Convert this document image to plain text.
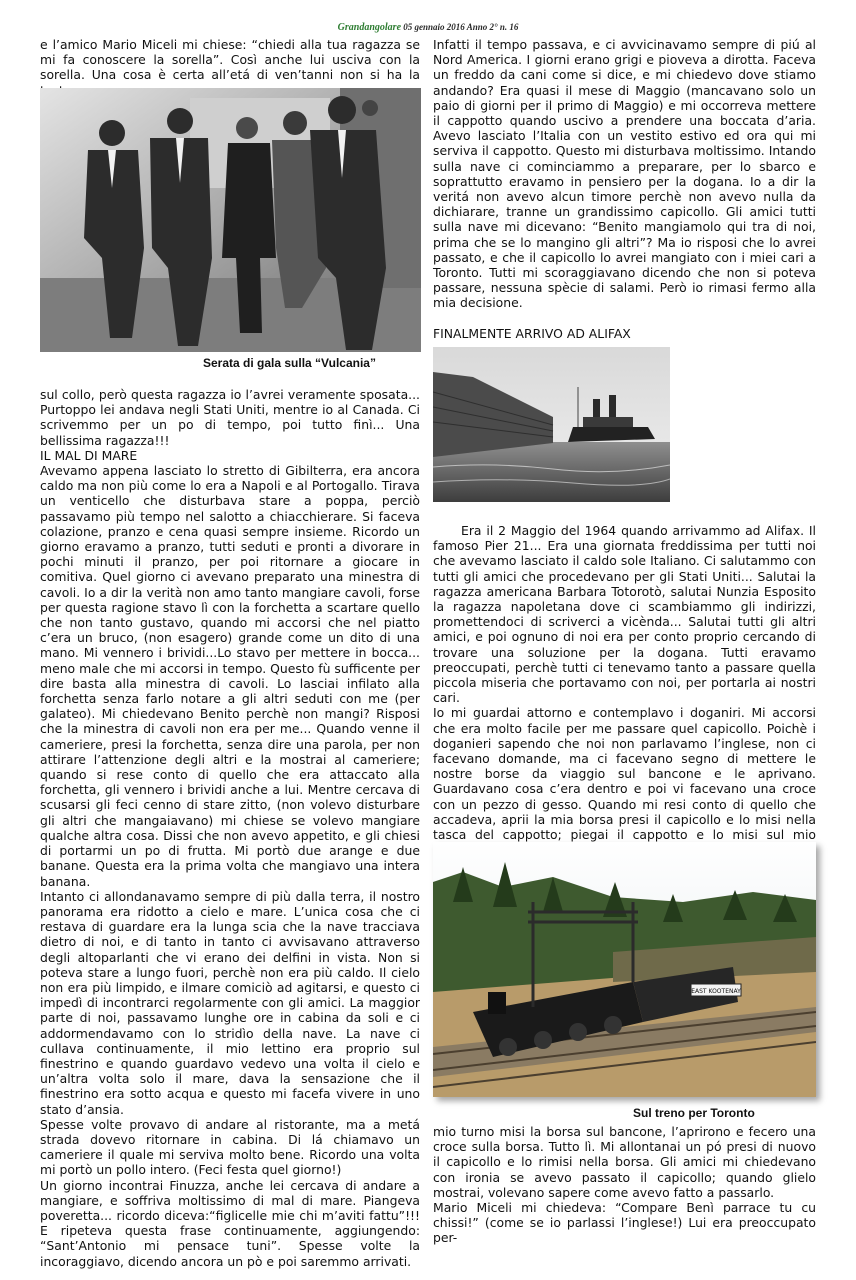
Grandangolare 05 gennaio 2016 Anno 2° n. 16

e l’amico Mario Miceli mi chiese: “chiedi alla tua ragazza se mi fa conoscere la sorella”. Così anche lui usciva con la sorella. Una cosa è certa all’etá di ven’tanni non si ha la

Serata di gala sulla “Vulcania”

sul collo, però questa ragazza io l’avrei veramente sposata... Purtoppo lei andava negli Stati Uniti, mentre io al Canada. Ci scrivemmo per un po di tempo, poi tutto finì... Una bellissima ragazza!!!

IL MAL DI MARE

Avevamo appena lasciato lo stretto di Gibilterra, era ancora caldo ma non più come lo era a Napoli e al Portogallo. Tirava un venticello che disturbava stare a poppa, perciò passavamo più tempo nel salotto a chiacchierare. Si faceva colazione, pranzo e cena quasi sempre insieme. Ricordo un giorno eravamo a pranzo, tutti seduti e pronti a divorare in pochi minuti il pranzo, per poi ritornare a giocare in comitiva. Quel giorno ci avevano preparato una minestra di cavoli. Io a dir la verità non amo tanto mangiare cavoli, forse per questa ragione stavo lì con la forchetta a scartare quello che non tanto gustavo, quando mi accorsi che nel piatto c’era un bruco, (non esagero) grande come un dito di una mano. Mi vennero i brividi...Lo stavo per mettere in bocca... meno male che mi accorsi in tempo. Questo fù sufficente per dire basta alla minestra di cavoli. Lo lasciai infilato alla forchetta senza farlo notare a gli altri seduti con me (per galateo). Mi chiedevano Benito perchè non mangi? Risposi che la minestra di cavoli non era per me... Quando venne il cameriere, presi la forchetta, senza dire una parola, per non attirare l’attenzione degli altri e la mostrai al cameriere; quando si rese conto di quello che era attaccato alla forchetta, gli vennero i brividi anche a lui. Mentre cercava di scusarsi gli feci cenno di stare zitto, (non volevo disturbare gli altri che mangaiavano) mi chiese se volevo mangiare qualche altra cosa. Dissi che non avevo appetito, e gli chiesi di portarmi un po di frutta. Mi portò due arange e due banane. Questa era la prima volta che mangiavo una intera banana.

Intanto ci allondanavamo sempre di più dalla terra, il nostro panorama era ridotto a cielo e mare. L’unica cosa che ci restava di guardare era la lunga scia che la nave tracciava dietro di noi, e di tanto in tanto ci avvisavano attraverso degli altoparlanti che vi erano dei delfini in vista. Non si poteva stare a lungo fuori, perchè non era più caldo. Il cielo non era più limpido, e ilmare comiciò ad agitarsi, e questo ci impedì di incontrarci regolarmente con gli amici. La maggior parte di noi, passavamo lunghe ore in cabina da soli e ci addormendavamo con lo stridìo della nave. La nave ci cullava continuamente, il mio lettino era proprio sul finestrino e quando guardavo vedevo una volta il cielo e un’altra volta solo il mare, dava la sensazione che il finestrino era sotto acqua e questo mi facefa vivere in uno stato d’ansia.

Spesse volte provavo di andare al ristorante, ma a metá strada dovevo ritornare in cabina. Di lá chiamavo un cameriere il quale mi serviva molto bene. Ricordo una volta mi portò un pollo intero. (Feci festa quel giorno!)

Un giorno incontrai Finuzza, anche lei cercava di andare a mangiare, e soffriva moltissimo di mal di mare. Piangeva poveretta... ricordo diceva:“figlicelle mie chi m’aviti fattu”!!! E ripeteva questa frase continuamente, aggiungendo: “Sant’Antonio mi pensace tuni”. Spesse volte la incoraggiavo, dicendo ancora un pò e poi saremmo arrivati.

Infatti il tempo passava, e ci avvicinavamo sempre di piú al Nord America. I giorni erano grigi e pioveva a dirotta. Faceva un freddo da cani come si dice, e mi chiedevo dove stiamo andando? Era quasi il mese di Maggio (mancavano solo un paio di giorni per il primo di Maggio) e mi occorreva mettere il cappotto quando uscivo a prendere una boccata d’aria. Avevo lasciato l’Italia con un vestito estivo ed ora qui mi serviva il cappotto. Questo mi disturbava moltissimo. Intando sulla nave ci cominciammo a preparare, per lo sbarco e soprattutto eravamo in pensiero per la dogana. Io a dir la veritá non avevo alcun timore perchè non avevo nulla da dichiarare, tranne un grandissimo capicollo. Gli amici tutti sulla nave mi dicevano: “Benito mangiamolo qui tra di noi, prima che se lo mangino gli altri”? Ma io risposi che lo avrei passato, e che il capicollo lo avrei mangiato con i miei cari a Toronto. Tutti mi scoraggiavano dicendo che non si poteva passare, nessuna spècie di salami. Però io rimasi fermo alla mia decisione.

FINALMENTE ARRIVO AD ALIFAX

Era il 2 Maggio del 1964 quando arrivammo ad Alifax. Il famoso Pier 21... Era una giornata freddissima per tutti noi che avevamo lasciato il caldo sole Italiano. Ci salutammo con tutti gli amici che procedevano per gli Stati Uniti... Salutai la ragazza americana Barbara Totorotò, salutai Nunzia Esposito la ragazza napoletana dove ci scambiammo gli indirizzi, promettendoci di scriverci a vicènda... Salutai tutti gli altri amici, e poi ognuno di noi era per conto proprio cercando di trovare una soluzione per la dogana. Tutti eravamo preoccupati, perchè tutti ci tenevamo tanto a passare quella piccola miseria che portavamo con noi, per portarla ai nostri cari.

Io mi guardai attorno e contemplavo i doganiri. Mi accorsi che era molto facile per me passare quel capicollo. Poichè i doganieri sapendo che noi non parlavamo l’inglese, non ci facevano domande, ma ci facevano segno di mettere le nostre borse da viaggio sul bancone e le aprivano. Guardavano cosa c’era dentro e poi vi facevano una croce con un pezzo di gesso. Quando mi resi conto di quello che accadeva, aprii la mia borsa presi il capicollo e lo misi nella tasca del cappotto; piegai il cappotto e lo misi sul mio

EAST KOOTENAY
Sul treno per Toronto

mio turno misi la borsa sul bancone, l’aprirono e fecero una croce sulla borsa. Tutto lì. Mi allontanai un pó presi di nuovo il capicollo e lo rimisi nella borsa. Gli amici mi chiedevano con ironia se avevo passato il capicollo; quando glielo mostrai, volevano sapere come avevo fatto a passarlo.

Mario Miceli mi chiedeva: “Compare Benì parrace tu cu chissi!” (come se io parlassi l’inglese!) Lui era preoccupato per-
